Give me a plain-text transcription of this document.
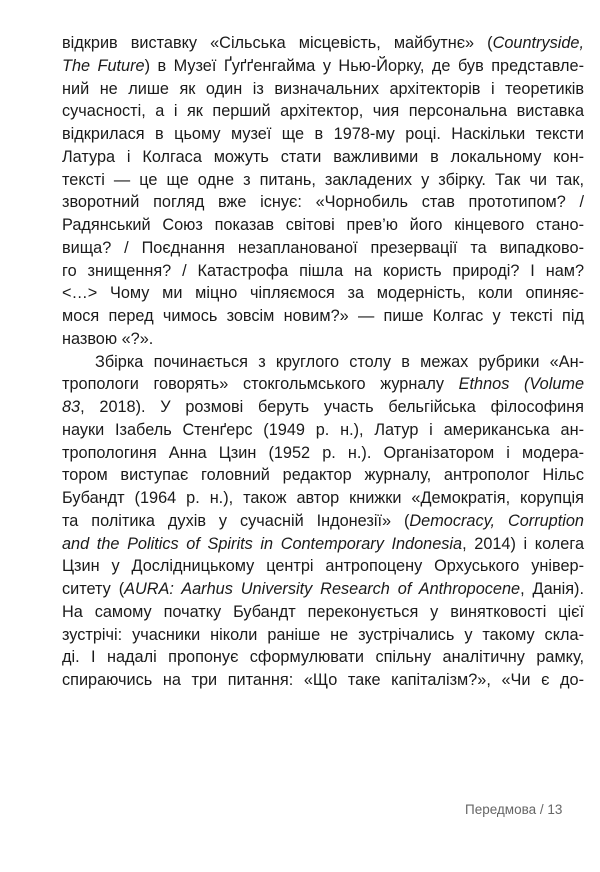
відкрив виставку «Сільська місцевість, майбутнє» (Countryside,
The Future) в Музеї Ґуґґенгайма у Нью-Йорку, де був представле-
ний не лише як один із визначальних архітекторів і теоретиків
сучасності, а і як перший архітектор, чия персональна виставка
відкрилася в цьому музеї ще в 1978-му році. Наскільки тексти
Латура і Колгаса можуть стати важливими в локальному кон-
тексті — це ще одне з питань, закладених у збірку. Так чи так,
зворотний погляд вже існує: «Чорнобиль став прототипом? /
Радянський Союз показав світові прев’ю його кінцевого стано-
вища? / Поєднання незапланованої презервації та випадково-
го знищення? / Катастрофа пішла на користь природі? І нам?
<…> Чому ми міцно чіпляємося за модерність, коли опиняє-
мося перед чимось зовсім новим?» — пише Колгас у тексті під
назвою «?».
Збірка починається з круглого столу в межах рубрики «Ан-
тропологи говорять» стокгольмського журналу Ethnos (Volume
83, 2018). У розмові беруть участь бельгійська філософиня
науки Ізабель Стенґерс (1949 р. н.), Латур і американська ан-
тропологиня Анна Цзин (1952 р. н.). Організатором і модера-
тором виступає головний редактор журналу, антрополог Нільс
Бубандт (1964 р. н.), також автор книжки «Демократія, корупція
та політика духів у сучасній Індонезії» (Democracy, Corruption
and the Politics of Spirits in Contemporary Indonesia, 2014) і колега
Цзин у Дослідницькому центрі антропоцену Орхуського універ-
ситету (AURA: Aarhus University Research of Anthropocene, Данія).
На самому початку Бубандт переконується у винятковості цієї
зустрічі: учасники ніколи раніше не зустрічались у такому скла-
ді. І надалі пропонує сформулювати спільну аналітичну рамку,
спираючись на три питання: «Що таке капіталізм?», «Чи є до-
Передмова / 13
